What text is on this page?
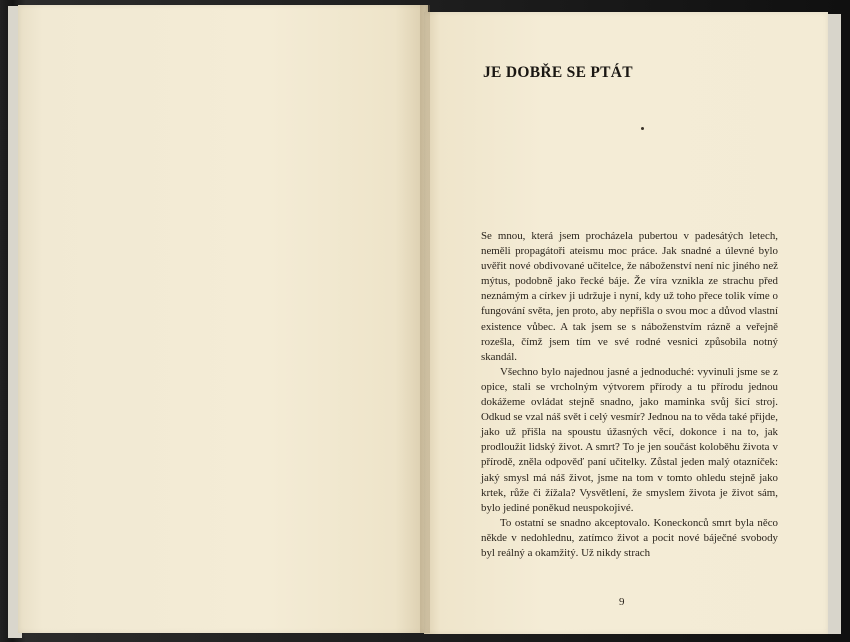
JE DOBŘE SE PTÁT

Se mnou, která jsem procházela pubertou v padesátých letech, neměli propagátoři ateismu moc práce. Jak snadné a úlevné bylo uvěřit nové obdivované učitelce, že náboženství není nic jiného než mýtus, podobně jako řecké báje. Že víra vznikla ze strachu před neznámým a církev ji udržuje i nyní, kdy už toho přece tolik víme o fungování světa, jen proto, aby nepřišla o svou moc a důvod vlastní existence vůbec. A tak jsem se s náboženstvím rázně a veřejně rozešla, čímž jsem tím ve své rodné vesnici způsobila notný skandál.

Všechno bylo najednou jasné a jednoduché: vyvinuli jsme se z opice, stali se vrcholným výtvorem přírody a tu přírodu jednou dokážeme ovládat stejně snadno, jako maminka svůj šicí stroj. Odkud se vzal náš svět i celý vesmír? Jednou na to věda také přijde, jako už přišla na spoustu úžasných věcí, dokonce i na to, jak prodloužit lidský život. A smrt? To je jen součást koloběhu života v přírodě, zněla odpověď paní učitelky. Zůstal jeden malý otazníček: jaký smysl má náš život, jsme na tom v tomto ohledu stejně jako krtek, růže či žížala? Vysvětlení, že smyslem života je život sám, bylo jediné poněkud neuspokojivé.

To ostatní se snadno akceptovalo. Koneckonců smrt byla něco někde v nedohlednu, zatímco život a pocit nové báječné svobody byl reálný a okamžitý. Už nikdy strach

9
